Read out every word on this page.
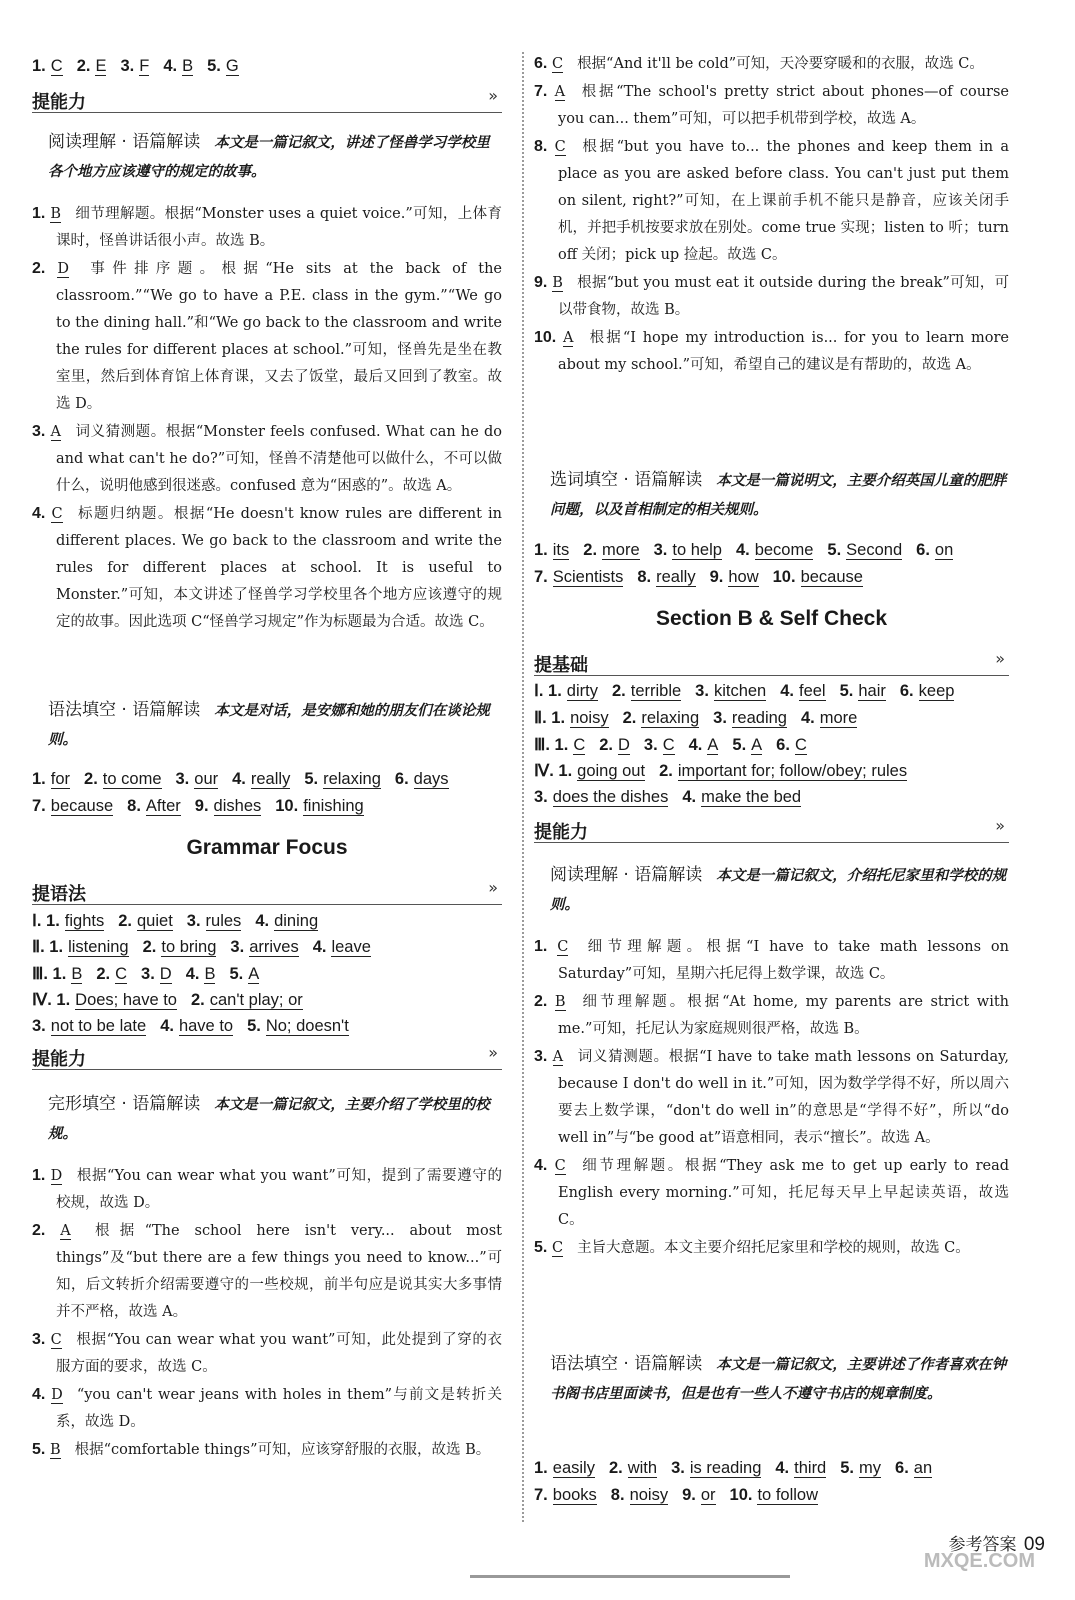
1. C 2. E 3. F 4. B 5. G
提能力	»
阅读理解 · 语篇解读 本文是一篇记叙文，讲述了怪兽学习学校里各个地方应该遵守的规定的故事。
1. B 细节理解题。根据“Monster uses a quiet voice.”可知，上体育课时，怪兽讲话很小声。故选 B。
2. D 事件排序题。根据“He sits at the back of the classroom.”“We go to have a P.E. class in the gym.”“We go to the dining hall.”和“We go back to the classroom and write the rules for different places at school.”可知，怪兽先是坐在教室里，然后到体育馆上体育课，又去了饭堂，最后又回到了教室。故选 D。
3. A 词义猜测题。根据“Monster feels confused. What can he do and what can't he do?”可知，怪兽不清楚他可以做什么，不可以做什么，说明他感到很迷惑。confused 意为“困惑的”。故选 A。
4. C 标题归纳题。根据“He doesn't know rules are different in different places. We go back to the classroom and write the rules for different places at school. It is useful to Monster.”可知，本文讲述了怪兽学习学校里各个地方应该遵守的规定的故事。因此选项 C“怪兽学习规定”作为标题最为合适。故选 C。
语法填空 · 语篇解读 本文是对话，是安娜和她的朋友们在谈论规则。
1. for 2. to come 3. our 4. really 5. relaxing 6. days
7. because 8. After 9. dishes 10. finishing
Grammar Focus
提语法	»
Ⅰ. 1. fights 2. quiet 3. rules 4. dining
Ⅱ. 1. listening 2. to bring 3. arrives 4. leave
Ⅲ. 1. B 2. C 3. D 4. B 5. A
Ⅳ. 1. Does; have to 2. can't play; or
3. not to be late 4. have to 5. No; doesn't
提能力	»
完形填空 · 语篇解读 本文是一篇记叙文，主要介绍了学校里的校规。
1. D 根据“You can wear what you want”可知，提到了需要遵守的校规，故选 D。
2. A 根据“The school here isn't very... about most things”及“but there are a few things you need to know...”可知，后文转折介绍需要遵守的一些校规，前半句应是说其实大多事情并不严格，故选 A。
3. C 根据“You can wear what you want”可知，此处提到了穿的衣服方面的要求，故选 C。
4. D “you can't wear jeans with holes in them”与前文是转折关系，故选 D。
5. B 根据“comfortable things”可知，应该穿舒服的衣服，故选 B。
6. C 根据“And it'll be cold”可知，天冷要穿暖和的衣服，故选 C。
7. A 根据“The school's pretty strict about phones—of course you can... them”可知，可以把手机带到学校，故选 A。
8. C 根据“but you have to... the phones and keep them in a place as you are asked before class. You can't just put them on silent, right?”可知，在上课前手机不能只是静音，应该关闭手机，并把手机按要求放在别处。come true 实现；listen to 听；turn off 关闭；pick up 捡起。故选 C。
9. B 根据“but you must eat it outside during the break”可知，可以带食物，故选 B。
10. A 根据“I hope my introduction is... for you to learn more about my school.”可知，希望自己的建议是有帮助的，故选 A。
选词填空 · 语篇解读 本文是一篇说明文，主要介绍英国儿童的肥胖问题，以及首相制定的相关规则。
1. its 2. more 3. to help 4. become 5. Second 6. on
7. Scientists 8. really 9. how 10. because
Section B & Self Check
提基础	»
Ⅰ. 1. dirty 2. terrible 3. kitchen 4. feel 5. hair 6. keep
Ⅱ. 1. noisy 2. relaxing 3. reading 4. more
Ⅲ. 1. C 2. D 3. C 4. A 5. A 6. C
Ⅳ. 1. going out 2. important for; follow/obey; rules
3. does the dishes 4. make the bed
提能力	»
阅读理解 · 语篇解读 本文是一篇记叙文，介绍托尼家里和学校的规则。
1. C 细节理解题。根据“I have to take math lessons on Saturday”可知，星期六托尼得上数学课，故选 C。
2. B 细节理解题。根据“At home, my parents are strict with me.”可知，托尼认为家庭规则很严格，故选 B。
3. A 词义猜测题。根据“I have to take math lessons on Saturday, because I don't do well in it.”可知，因为数学学得不好，所以周六要去上数学课，“don't do well in”的意思是“学得不好”，所以“do well in”与“be good at”语意相同，表示“擅长”。故选 A。
4. C 细节理解题。根据“They ask me to get up early to read English every morning.”可知，托尼每天早上早起读英语，故选 C。
5. C 主旨大意题。本文主要介绍托尼家里和学校的规则，故选 C。
语法填空 · 语篇解读 本文是一篇记叙文，主要讲述了作者喜欢在钟书阁书店里面读书，但是也有一些人不遵守书店的规章制度。
1. easily 2. with 3. is reading 4. third 5. my 6. an
7. books 8. noisy 9. or 10. to follow
参考答案 09
MXQE.COM
